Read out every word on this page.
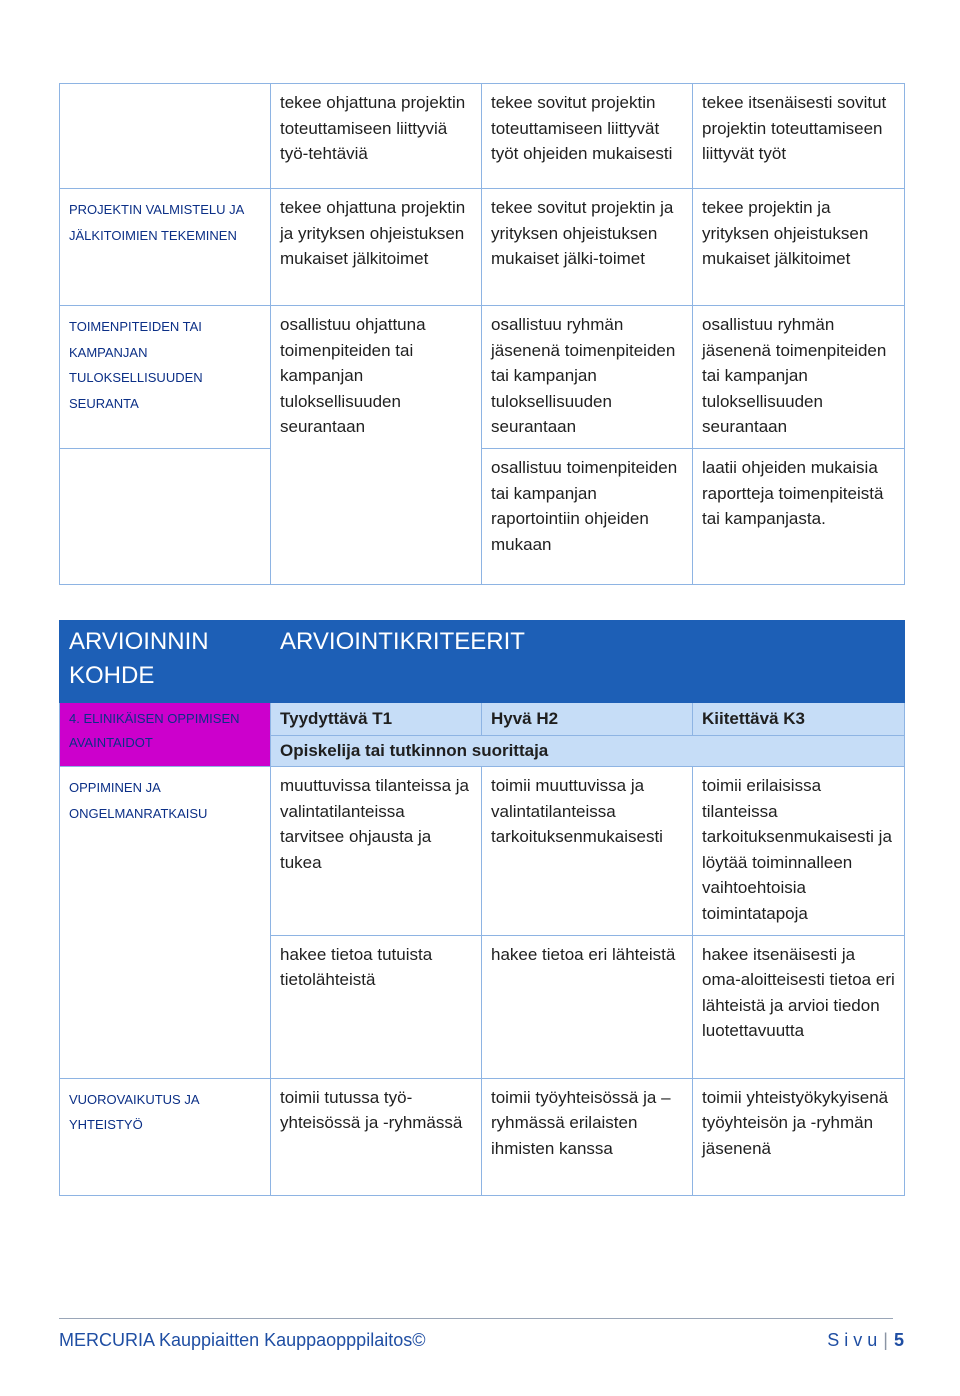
	tekee ohjattuna projektin toteuttamiseen liittyviä työ-tehtäviä	tekee sovitut projektin toteuttamiseen liittyvät työt ohjeiden mukaisesti	tekee itsenäisesti sovitut projektin toteuttamiseen liittyvät työt
PROJEKTIN VALMISTELU JA JÄLKITOIMIEN TEKEMINEN	tekee ohjattuna projektin ja yrityksen ohjeistuksen mukaiset jälkitoimet	tekee sovitut projektin ja yrityksen ohjeistuksen mukaiset jälki-toimet	tekee projektin ja yrityksen ohjeistuksen mukaiset jälkitoimet
TOIMENPITEIDEN TAI KAMPANJAN TULOKSELLISUUDEN SEURANTA	osallistuu ohjattuna toimenpiteiden tai kampanjan tuloksellisuuden seurantaan	osallistuu ryhmän jäsenenä toimenpiteiden tai kampanjan tuloksellisuuden seurantaan	osallistuu ryhmän jäsenenä toimenpiteiden tai kampanjan tuloksellisuuden seurantaan
		osallistuu toimenpiteiden tai kampanjan raportointiin ohjeiden mukaan	laatii ohjeiden mukaisia raportteja toimenpiteistä tai kampanjasta.
ARVIOINNIN KOHDE	ARVIOINTIKRITEERIT		
4. ELINIKÄISEN OPPIMISEN AVAINTAIDOT	Tyydyttävä T1	Hyvä H2	Kiitettävä K3
	Opiskelija tai tutkinnon suorittaja		
OPPIMINEN JA ONGELMANRATKAISU	muuttuvissa tilanteissa ja valintatilanteissa tarvitsee ohjausta ja tukea	toimii muuttuvissa ja valintatilanteissa tarkoituksenmukaisesti	toimii erilaisissa tilanteissa tarkoituksenmukaisesti ja löytää toiminnalleen vaihtoehtoisia toimintatapoja
	hakee tietoa tutuista tietolähteistä	hakee tietoa eri lähteistä	hakee itsenäisesti ja oma-aloitteisesti tietoa eri lähteistä ja arvioi tiedon luotettavuutta
VUOROVAIKUTUS JA YHTEISTYÖ	toimii tutussa työ-yhteisössä ja -ryhmässä	toimii työyhteisössä ja –ryhmässä erilaisten ihmisten kanssa	toimii yhteistyökykyisenä työyhteisön ja -ryhmän jäsenenä
MERCURIA Kauppiaitten Kauppaopppilaitos©	S i v u | 5
